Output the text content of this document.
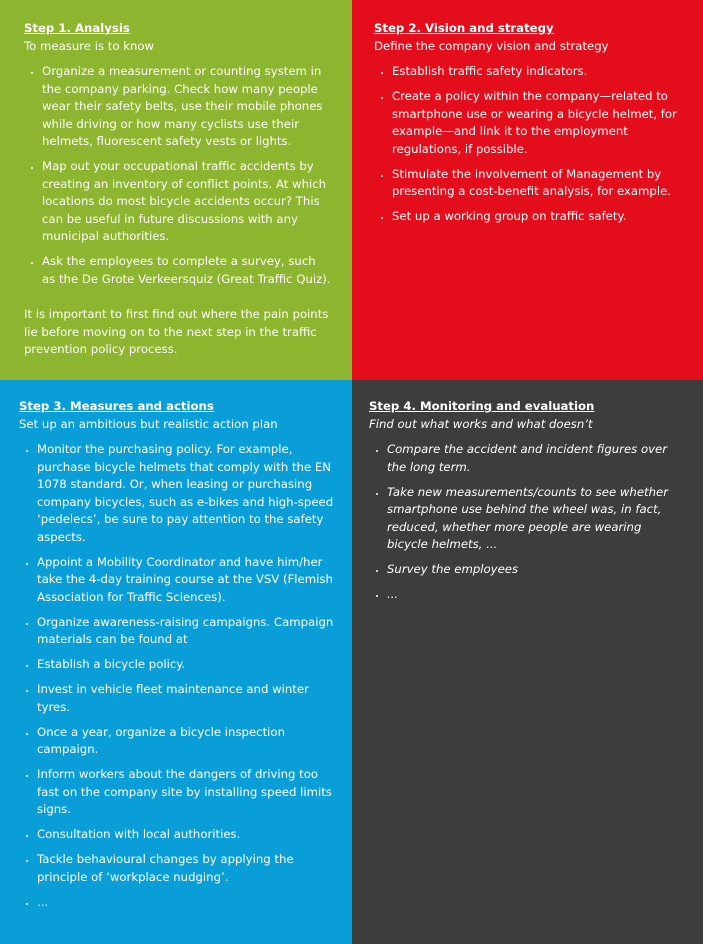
Step 1. Analysis

To measure is to know

• Organize a measurement or counting system in the company parking. Check how many people wear their safety belts, use their mobile phones while driving or how many cyclists use their helmets, fluorescent safety vests or lights.
• Map out your occupational traffic accidents by creating an inventory of conflict points. At which locations do most bicycle accidents occur? This can be useful in future discussions with any municipal authorities.
• Ask the employees to complete a survey, such as the De Grote Verkeersquiz (Great Traffic Quiz).

It is important to first find out where the pain points lie before moving on to the next step in the traffic prevention policy process.

Step 2. Vision and strategy

Define the company vision and strategy

• Establish traffic safety indicators.
• Create a policy within the company—related to smartphone use or wearing a bicycle helmet, for example—and link it to the employment regulations, if possible.
• Stimulate the involvement of Management by presenting a cost-benefit analysis, for example.
• Set up a working group on traffic safety.

Step 3. Measures and actions

Set up an ambitious but realistic action plan

• Monitor the purchasing policy. For example, purchase bicycle helmets that comply with the EN 1078 standard. Or, when leasing or purchasing company bicycles, such as e-bikes and high-speed ‘pedelecs’, be sure to pay attention to the safety aspects.
• Appoint a Mobility Coordinator and have him/her take the 4-day training course at the VSV (Flemish Association for Traffic Sciences).
• Organize awareness-raising campaigns. Campaign materials can be found at
• Establish a bicycle policy.
• Invest in vehicle fleet maintenance and winter tyres.
• Once a year, organize a bicycle inspection campaign.
• Inform workers about the dangers of driving too fast on the company site by installing speed limits signs.
• Consultation with local authorities.
• Tackle behavioural changes by applying the principle of ‘workplace nudging’.
• ...

Step 4. Monitoring and evaluation

Find out what works and what doesn’t

• Compare the accident and incident figures over the long term.
• Take new measurements/counts to see whether smartphone use behind the wheel was, in fact, reduced, whether more people are wearing bicycle helmets, ...
• Survey the employees
• ...
